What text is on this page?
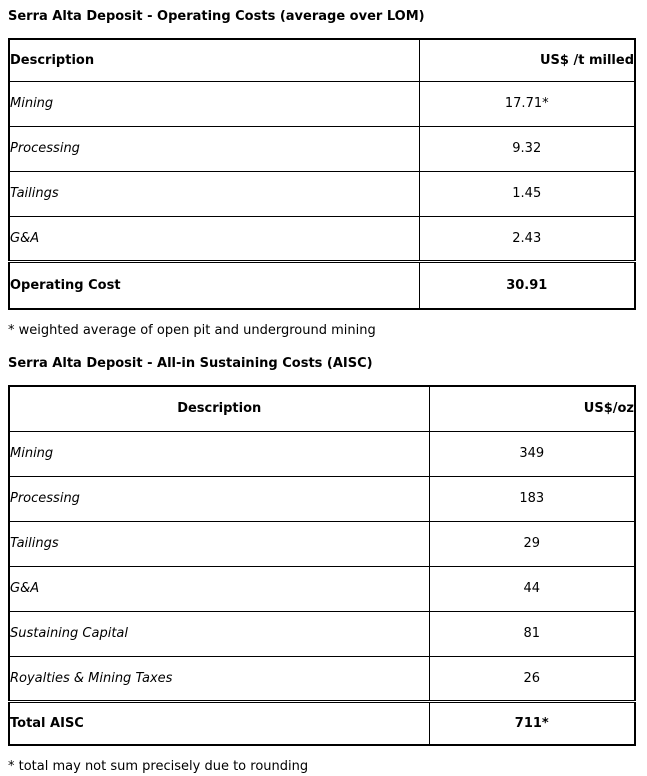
Serra Alta Deposit - Operating Costs (average over LOM)
Description	US$ /t milled
Mining	17.71*
Processing	9.32
Tailings	1.45
G&A	2.43
Operating Cost	30.91
* weighted average of open pit and underground mining
Serra Alta Deposit - All-in Sustaining Costs (AISC)
Description	US$/oz
Mining	349
Processing	183
Tailings	29
G&A	44
Sustaining Capital	81
Royalties & Mining Taxes	26
Total AISC	711*
* total may not sum precisely due to rounding
